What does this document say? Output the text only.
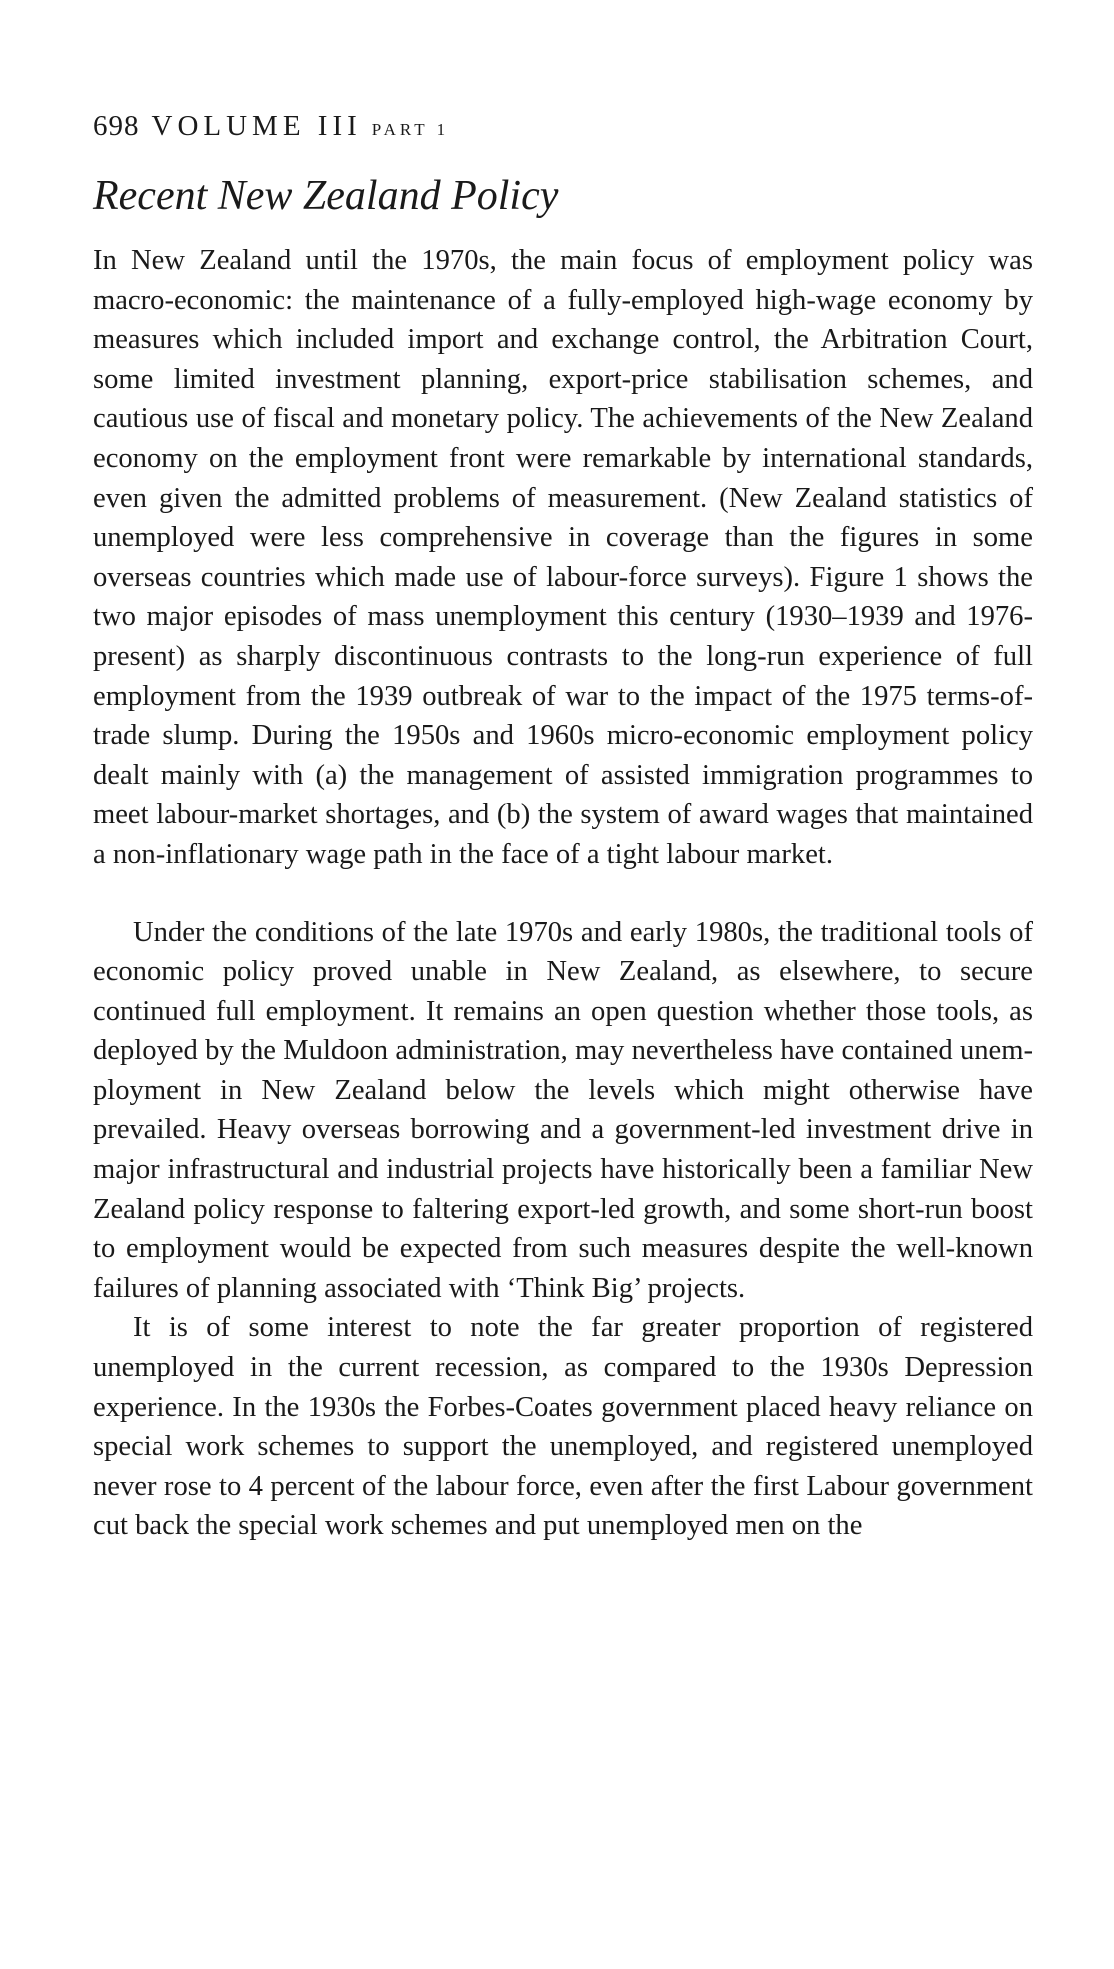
698 VOLUME III PART 1
Recent New Zealand Policy

In New Zealand until the 1970s, the main focus of employment policy was macro-economic: the maintenance of a fully-employed high-wage economy by measures which included import and exchange control, the Arbitration Court, some limited investment planning, export-price stabilisation schemes, and cautious use of fiscal and monetary policy. The achievements of the New Zealand economy on the employment front were remarkable by international standards, even given the admitted problems of measurement. (New Zealand statistics of unemployed were less comprehensive in coverage than the figures in some overseas countries which made use of labour-force surveys). Figure 1 shows the two major episodes of mass unemployment this century (1930–1939 and 1976-present) as sharply discontinuous contrasts to the long-run experience of full employment from the 1939 outbreak of war to the impact of the 1975 terms-of-trade slump. During the 1950s and 1960s micro-economic employment policy dealt mainly with (a) the management of assisted immigration programmes to meet labour-market shortages, and (b) the system of award wages that maintained a non-inflationary wage path in the face of a tight labour market.

Under the conditions of the late 1970s and early 1980s, the traditional tools of economic policy proved unable in New Zealand, as elsewhere, to secure continued full employment. It remains an open question whether those tools, as deployed by the Muldoon administration, may nevertheless have contained unemployment in New Zealand below the levels which might otherwise have prevailed. Heavy overseas borrowing and a government-led investment drive in major infrastructural and industrial projects have historically been a familiar New Zealand policy response to faltering export-led growth, and some short-run boost to employment would be expected from such measures despite the well-known failures of planning associated with ‘Think Big’ projects.

It is of some interest to note the far greater proportion of registered unemployed in the current recession, as compared to the 1930s Depression experience. In the 1930s the Forbes-Coates government placed heavy reliance on special work schemes to support the unemployed, and registered unemployed never rose to 4 percent of the labour force, even after the first Labour government cut back the special work schemes and put unemployed men on the
